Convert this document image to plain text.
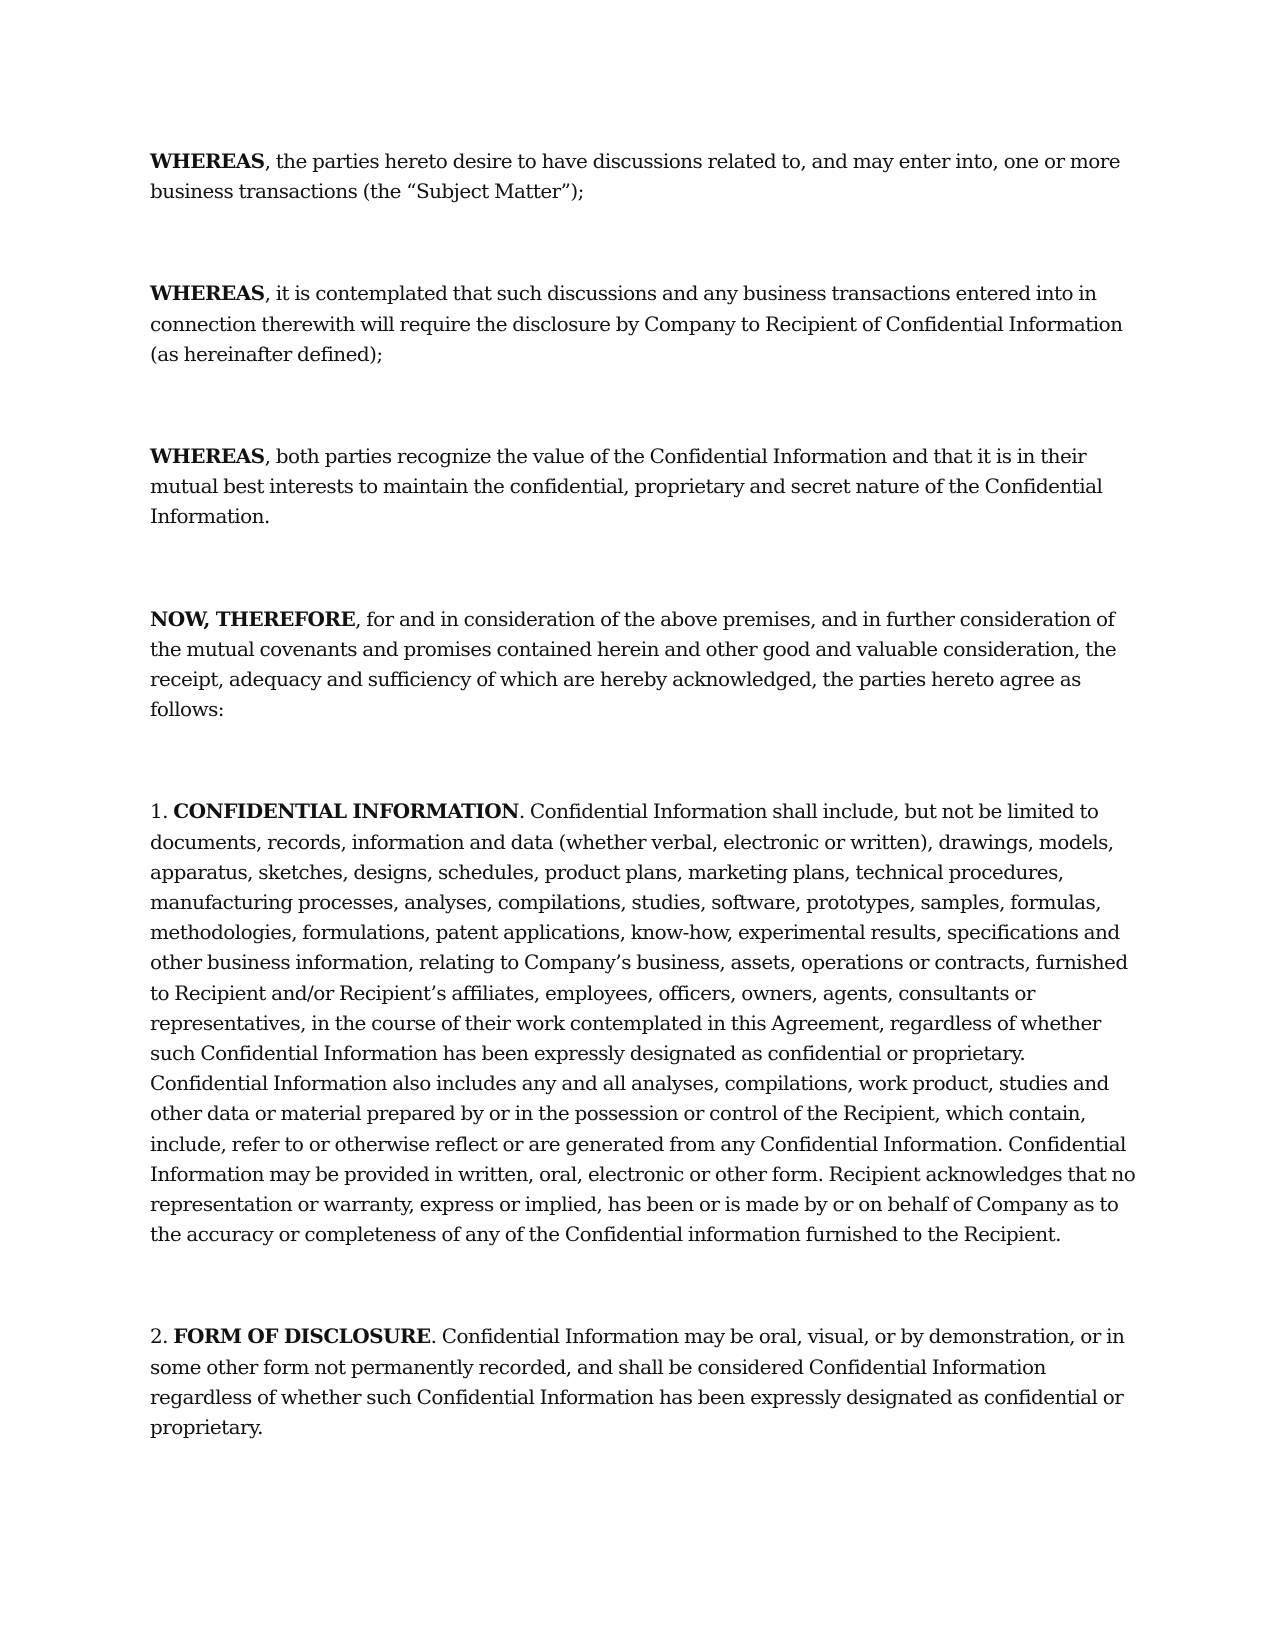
WHEREAS, the parties hereto desire to have discussions related to, and may enter into, one or more business transactions (the “Subject Matter”);

WHEREAS, it is contemplated that such discussions and any business transactions entered into in connection therewith will require the disclosure by Company to Recipient of Confidential Information (as hereinafter defined);

WHEREAS, both parties recognize the value of the Confidential Information and that it is in their mutual best interests to maintain the confidential, proprietary and secret nature of the Confidential Information.

NOW, THEREFORE, for and in consideration of the above premises, and in further consideration of the mutual covenants and promises contained herein and other good and valuable consideration, the receipt, adequacy and sufficiency of which are hereby acknowledged, the parties hereto agree as follows:

1. CONFIDENTIAL INFORMATION. Confidential Information shall include, but not be limited to documents, records, information and data (whether verbal, electronic or written), drawings, models, apparatus, sketches, designs, schedules, product plans, marketing plans, technical procedures, manufacturing processes, analyses, compilations, studies, software, prototypes, samples, formulas, methodologies, formulations, patent applications, know-how, experimental results, specifications and other business information, relating to Company’s business, assets, operations or contracts, furnished to Recipient and/or Recipient’s affiliates, employees, officers, owners, agents, consultants or representatives, in the course of their work contemplated in this Agreement, regardless of whether such Confidential Information has been expressly designated as confidential or proprietary. Confidential Information also includes any and all analyses, compilations, work product, studies and other data or material prepared by or in the possession or control of the Recipient, which contain, include, refer to or otherwise reflect or are generated from any Confidential Information. Confidential Information may be provided in written, oral, electronic or other form. Recipient acknowledges that no representation or warranty, express or implied, has been or is made by or on behalf of Company as to the accuracy or completeness of any of the Confidential information furnished to the Recipient.

2. FORM OF DISCLOSURE. Confidential Information may be oral, visual, or by demonstration, or in some other form not permanently recorded, and shall be considered Confidential Information regardless of whether such Confidential Information has been expressly designated as confidential or proprietary.
